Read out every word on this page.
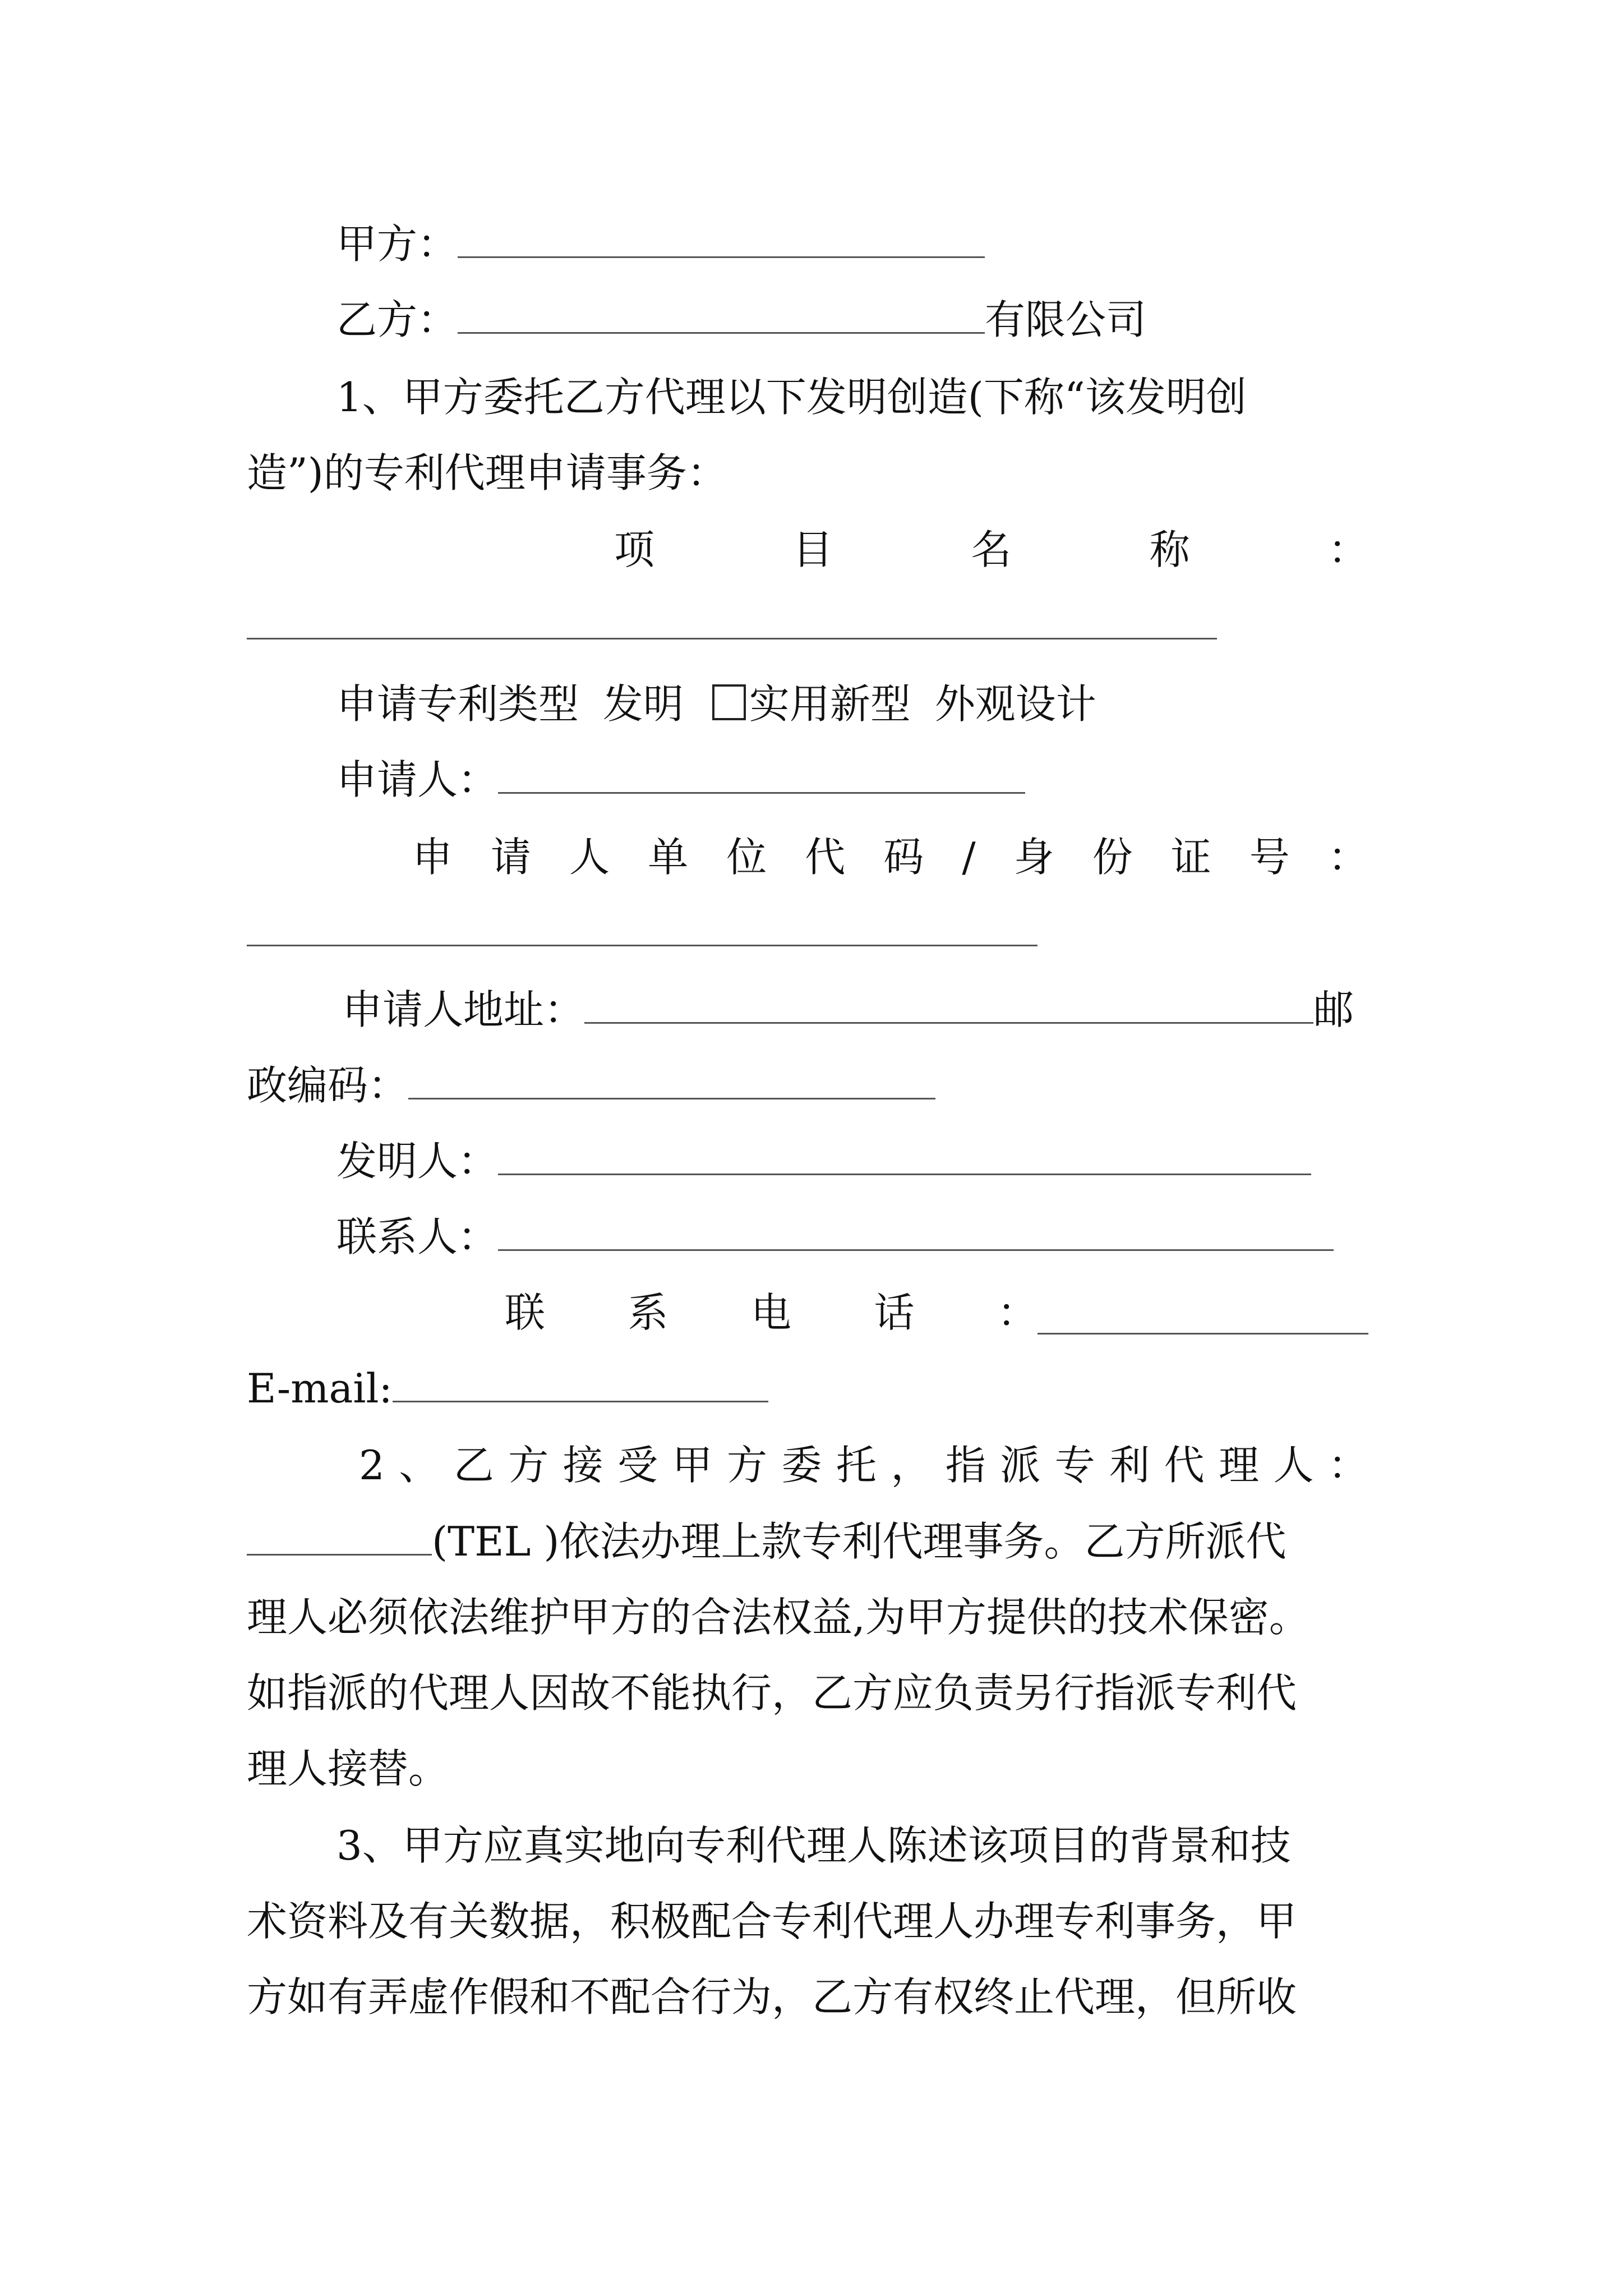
甲方：
乙方：	有限公司
1、甲方委托乙方代理以下发明创造(下称“该发明创
造”)的专利代理申请事务：
项	目	名	称	：
申请专利类型 发明 实用新型 外观设计
申请人：
申 请 人 单 位 代 码 / 身 份 证 号 ：
申请人地址：	邮
政编码：
发明人：
联系人：
联 系 电 话 ：
E-mail:
2 、 乙 方 接 受 甲 方 委 托 ， 指 派 专 利 代 理 人 ：
(TEL )依法办理上款专利代理事务。乙方所派代
理人必须依法维护甲方的合法权益,为甲方提供的技术保密。
如指派的代理人因故不能执行，乙方应负责另行指派专利代
理人接替。
3、甲方应真实地向专利代理人陈述该项目的背景和技
术资料及有关数据，积极配合专利代理人办理专利事务，甲
方如有弄虚作假和不配合行为，乙方有权终止代理，但所收
